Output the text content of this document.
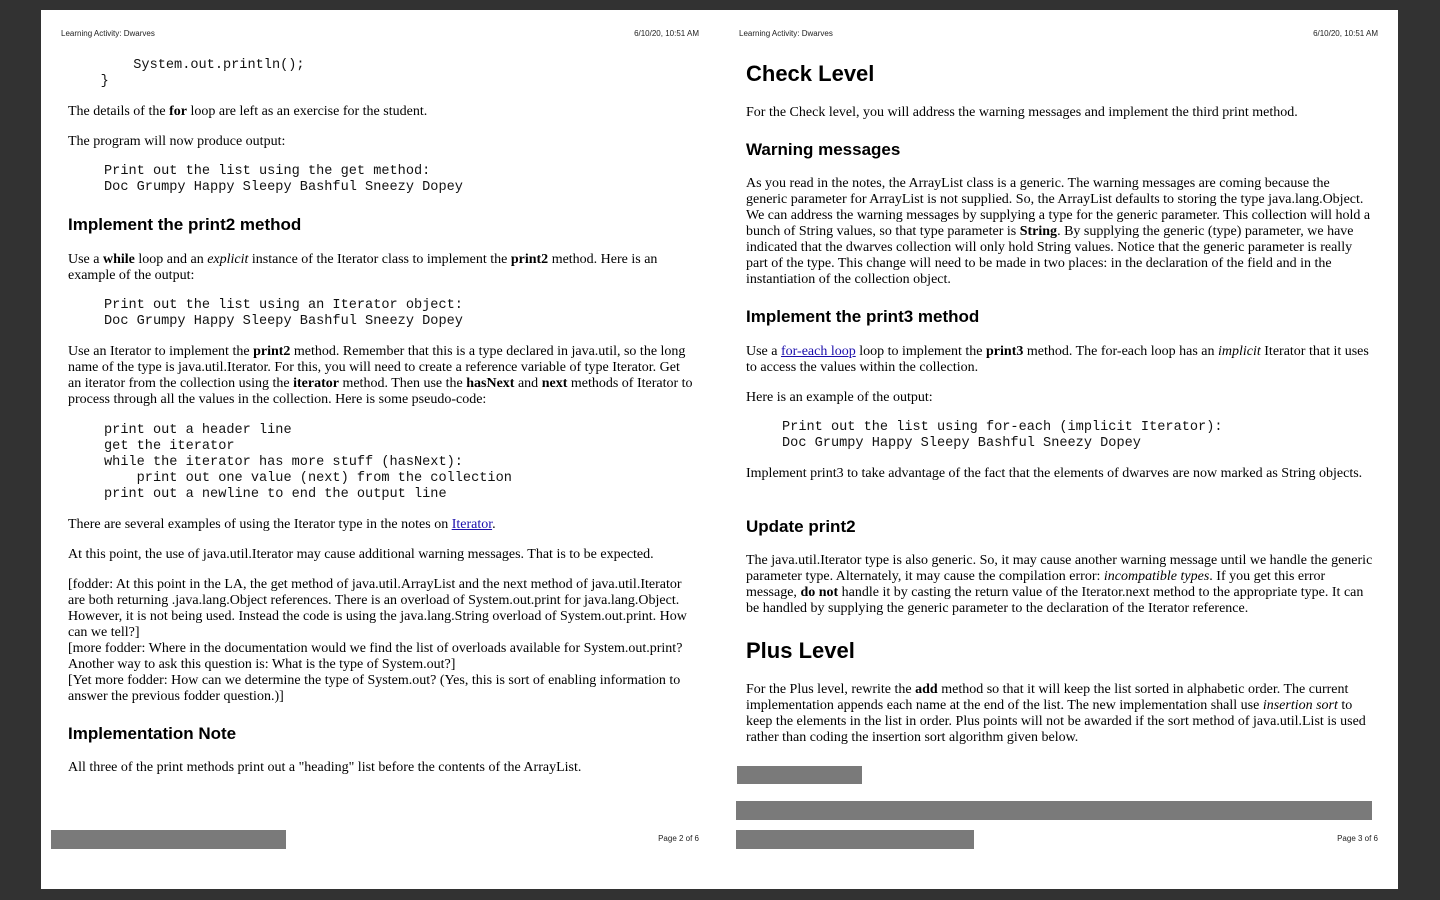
Learning Activity: Dwarves	6/10/20, 10:51 AM
System.out.println();
}

The details of the for loop are left as an exercise for the student.

The program will now produce output:

Print out the list using the get method:
Doc Grumpy Happy Sleepy Bashful Sneezy Dopey
Implement the print2 method

Use a while loop and an explicit instance of the Iterator class to implement the print2 method. Here is an example of the output:

Print out the list using an Iterator object:
Doc Grumpy Happy Sleepy Bashful Sneezy Dopey

Use an Iterator to implement the print2 method. Remember that this is a type declared in java.util, so the long name of the type is java.util.Iterator. For this, you will need to create a reference variable of type Iterator. Get an iterator from the collection using the iterator method. Then use the hasNext and next methods of Iterator to process through all the values in the collection. Here is some pseudo-code:

print out a header line
get the iterator
while the iterator has more stuff (hasNext):
print out one value (next) from the collection
print out a newline to end the output line

There are several examples of using the Iterator type in the notes on Iterator.

At this point, the use of java.util.Iterator may cause additional warning messages. That is to be expected.

[fodder: At this point in the LA, the get method of java.util.ArrayList and the next method of java.util.Iterator are both returning .java.lang.Object references. There is an overload of System.out.print for java.lang.Object. However, it is not being used. Instead the code is using the java.lang.String overload of System.out.print. How can we tell?]
[more fodder: Where in the documentation would we find the list of overloads available for System.out.print? Another way to ask this question is: What is the type of System.out?]
[Yet more fodder: How can we determine the type of System.out? (Yes, this is sort of enabling information to answer the previous fodder question.)]

Implementation Note

All three of the print methods print out a "heading" list before the contents of the ArrayList.

Page 2 of 6
Learning Activity: Dwarves	6/10/20, 10:51 AM
Check Level

For the Check level, you will address the warning messages and implement the third print method.

Warning messages

As you read in the notes, the ArrayList class is a generic. The warning messages are coming because the generic parameter for ArrayList is not supplied. So, the ArrayList defaults to storing the type java.lang.Object. We can address the warning messages by supplying a type for the generic parameter. This collection will hold a bunch of String values, so that type parameter is String. By supplying the generic (type) parameter, we have indicated that the dwarves collection will only hold String values. Notice that the generic parameter is really part of the type. This change will need to be made in two places: in the declaration of the field and in the instantiation of the collection object.

Implement the print3 method

Use a for-each loop loop to implement the print3 method. The for-each loop has an implicit Iterator that it uses to access the values within the collection.

Here is an example of the output:

Print out the list using for-each (implicit Iterator):
Doc Grumpy Happy Sleepy Bashful Sneezy Dopey

Implement print3 to take advantage of the fact that the elements of dwarves are now marked as String objects.

Update print2

The java.util.Iterator type is also generic. So, it may cause another warning message until we handle the generic parameter type. Alternately, it may cause the compilation error: incompatible types. If you get this error message, do not handle it by casting the return value of the Iterator.next method to the appropriate type. It can be handled by supplying the generic parameter to the declaration of the Iterator reference.

Plus Level

For the Plus level, rewrite the add method so that it will keep the list sorted in alphabetic order. The current implementation appends each name at the end of the list. The new implementation shall use insertion sort to keep the elements in the list in order. Plus points will not be awarded if the sort method of java.util.List is used rather than coding the insertion sort algorithm given below.

Page 3 of 6
